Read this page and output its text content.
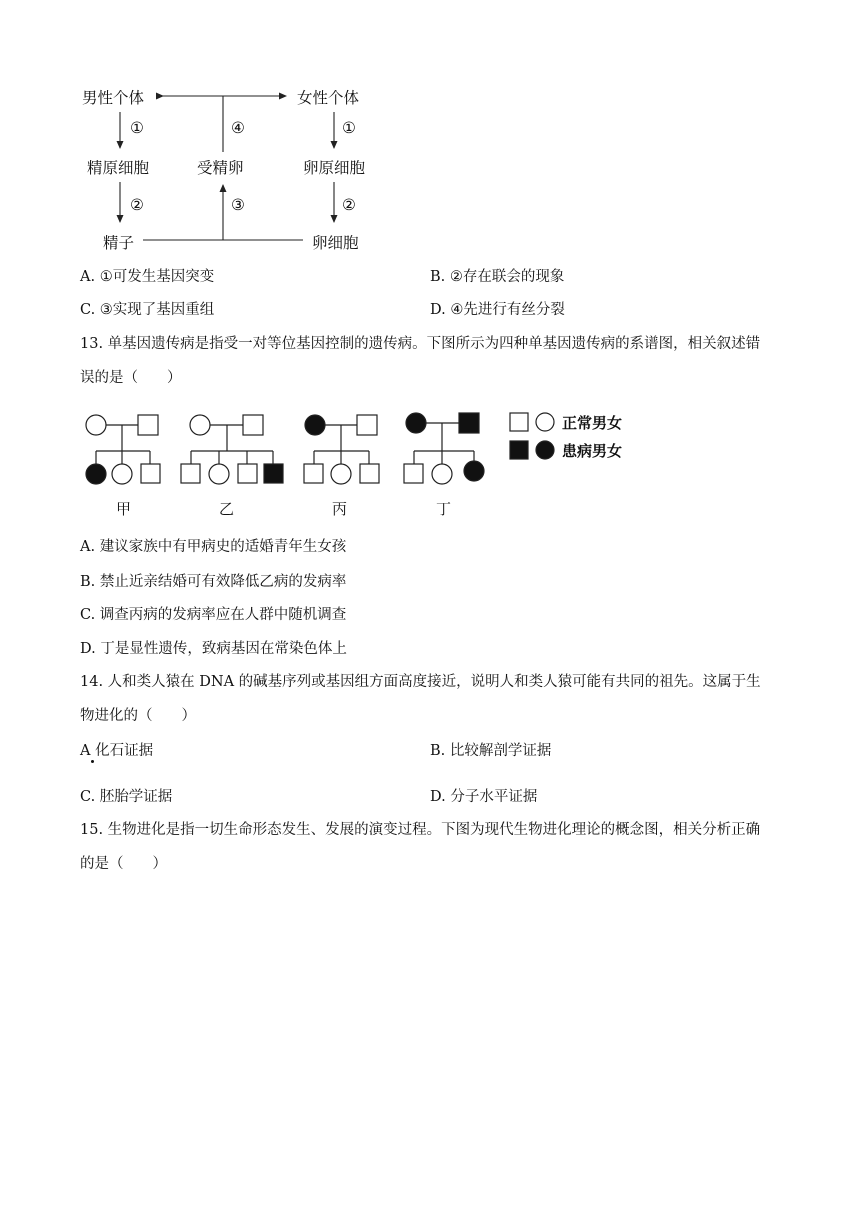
男性个体	女性个体
①	④	①
精原细胞	受精卵	卵原细胞
②	③	②
精子	卵细胞
A. ①可发生基因突变	B. ②存在联会的现象
C. ③实现了基因重组	D. ④先进行有丝分裂
13. 单基因遗传病是指受一对等位基因控制的遗传病。下图所示为四种单基因遗传病的系谱图，相关叙述错
误的是（　　）
正常男女
患病男女
甲	乙	丙	丁
A. 建议家族中有甲病史的适婚青年生女孩
B. 禁止近亲结婚可有效降低乙病的发病率
C. 调查丙病的发病率应在人群中随机调查
D. 丁是显性遗传，致病基因在常染色体上
14. 人和类人猿在 DNA 的碱基序列或基因组方面高度接近，说明人和类人猿可能有共同的祖先。这属于生
物进化的（　　）
A 化石证据	B. 比较解剖学证据
C. 胚胎学证据	D. 分子水平证据
15. 生物进化是指一切生命形态发生、发展的演变过程。下图为现代生物进化理论的概念图，相关分析正确
的是（　　）
